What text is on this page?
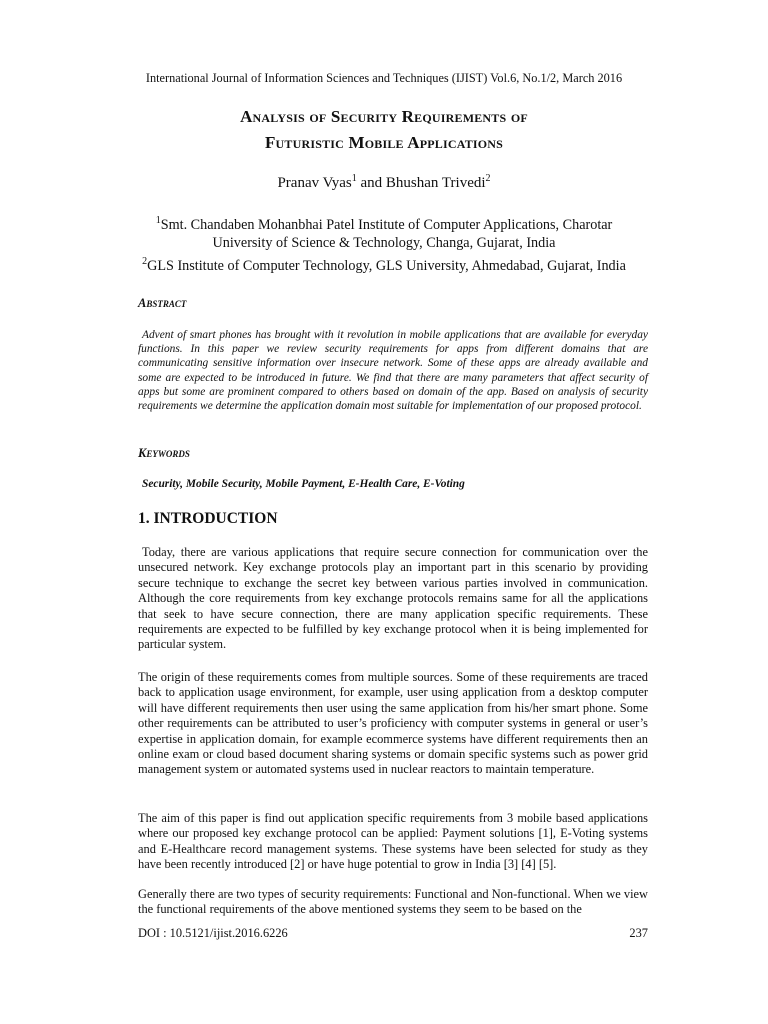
International Journal of Information Sciences and Techniques (IJIST) Vol.6, No.1/2, March 2016
Analysis of Security Requirements of
Futuristic Mobile Applications
Pranav Vyas$^1$ and Bhushan Trivedi$^2$
$^1$Smt. Chandaben Mohanbhai Patel Institute of Computer Applications, Charotar
University of Science & Technology, Changa, Gujarat, India
$^2$GLS Institute of Computer Technology, GLS University, Ahmedabad, Gujarat, India
Abstract
Advent of smart phones has brought with it revolution in mobile applications that are available for everyday functions. In this paper we review security requirements for apps from different domains that are communicating sensitive information over insecure network. Some of these apps are already available and some are expected to be introduced in future. We find that there are many parameters that affect security of apps but some are prominent compared to others based on domain of the app. Based on analysis of security requirements we determine the application domain most suitable for implementation of our proposed protocol.
Keywords
Security, Mobile Security, Mobile Payment, E-Health Care, E-Voting
1. INTRODUCTION
Today, there are various applications that require secure connection for communication over the unsecured network. Key exchange protocols play an important part in this scenario by providing secure technique to exchange the secret key between various parties involved in communication. Although the core requirements from key exchange protocols remains same for all the applications that seek to have secure connection, there are many application specific requirements. These requirements are expected to be fulfilled by key exchange protocol when it is being implemented for particular system.
The origin of these requirements comes from multiple sources. Some of these requirements are traced back to application usage environment, for example, user using application from a desktop computer will have different requirements then user using the same application from his/her smart phone. Some other requirements can be attributed to user’s proficiency with computer systems in general or user’s expertise in application domain, for example ecommerce systems have different requirements then an online exam or cloud based document sharing systems or domain specific systems such as power grid management system or automated systems used in nuclear reactors to maintain temperature.
The aim of this paper is find out application specific requirements from 3 mobile based applications where our proposed key exchange protocol can be applied: Payment solutions [1], E-Voting systems and E-Healthcare record management systems. These systems have been selected for study as they have been recently introduced [2] or have huge potential to grow in India [3] [4] [5].
Generally there are two types of security requirements: Functional and Non-functional. When we view the functional requirements of the above mentioned systems they seem to be based on the
DOI : 10.5121/ijist.2016.6226	237
